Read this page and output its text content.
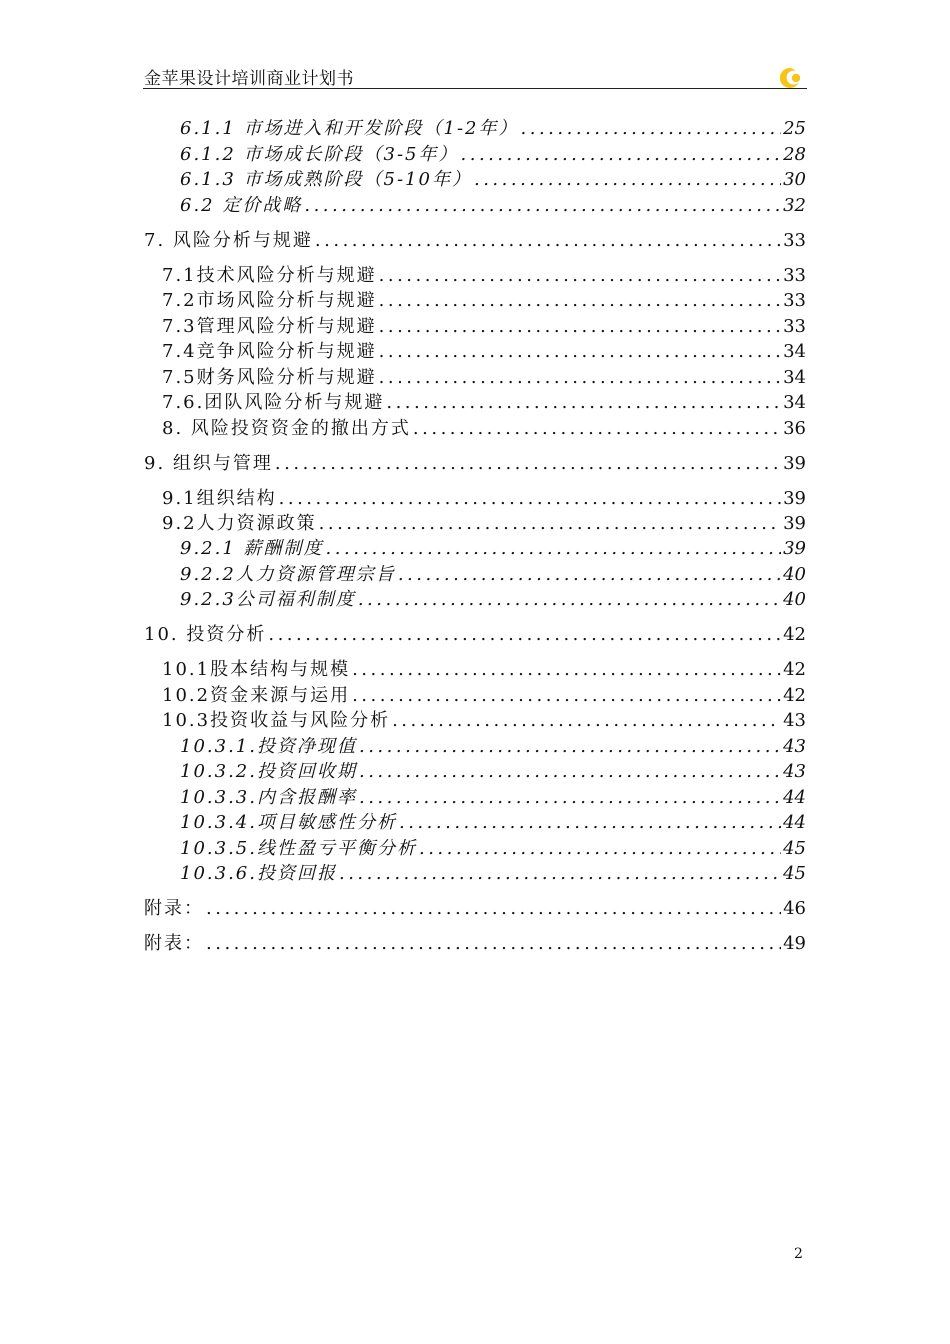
金苹果设计培训商业计划书
6.1.1 市场进入和开发阶段（1-2年） .....	25
6.1.2 市场成长阶段（3-5年） .....	28
6.1.3 市场成熟阶段（5-10年） .....	30
6.2 定价战略 .....	32
7. 风险分析与规避 .....	33
7.1技术风险分析与规避 .....	33
7.2市场风险分析与规避 .....	33
7.3管理风险分析与规避 .....	33
7.4竞争风险分析与规避 .....	34
7.5财务风险分析与规避 .....	34
7.6.团队风险分析与规避 .....	34
8. 风险投资资金的撤出方式 .....	36
9. 组织与管理 .....	39
9.1组织结构 .....	39
9.2人力资源政策 .....	39
9.2.1 薪酬制度 .....	39
9.2.2人力资源管理宗旨 .....	40
9.2.3公司福利制度 .....	40
10. 投资分析 .....	42
10.1股本结构与规模 .....	42
10.2资金来源与运用 .....	42
10.3投资收益与风险分析 .....	43
10.3.1.投资净现值 .....	43
10.3.2.投资回收期 .....	43
10.3.3.内含报酬率 .....	44
10.3.4.项目敏感性分析 .....	44
10.3.5.线性盈亏平衡分析 .....	45
10.3.6.投资回报 .....	45
附录： .....	46
附表： .....	49
2
